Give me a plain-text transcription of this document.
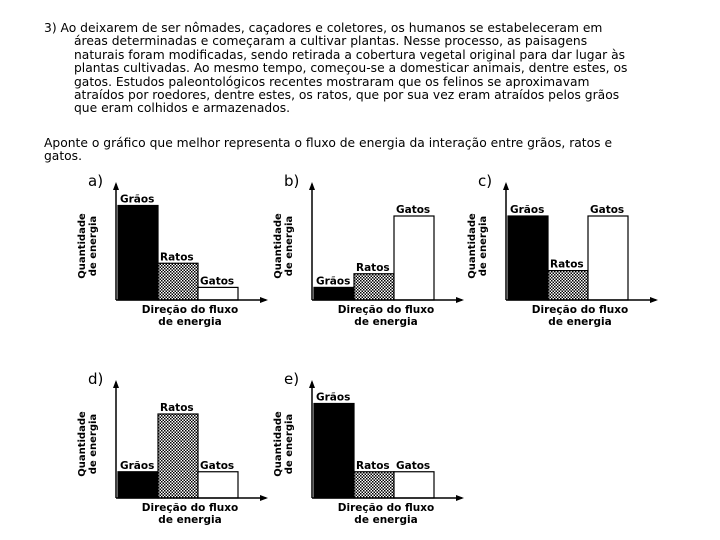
3) Ao deixarem de ser nômades, caçadores e coletores, os humanos se estabeleceram em
áreas determinadas e começaram a cultivar plantas. Nesse processo, as paisagens
naturais foram modificadas, sendo retirada a cobertura vegetal original para dar lugar às
plantas cultivadas. Ao mesmo tempo, começou-se a domesticar animais, dentre estes, os
gatos. Estudos paleontológicos recentes mostraram que os felinos se aproximavam
atraídos por roedores, dentre estes, os ratos, que por sua vez eram atraídos pelos grãos
que eram colhidos e armazenados.

Aponte o gráfico que melhor representa o fluxo de energia da interação entre grãos, ratos e
gatos.
a)
Quantidade de energia
Grãos
Ratos
Gatos
Direção do fluxo
de energia
b)
Quantidade de energia
Grãos
Ratos
Gatos
Direção do fluxo
de energia
c)
Quantidade de energia
Grãos
Ratos
Gatos
Direção do fluxo
de energia
d)
Quantidade de energia Grãos
Ratos
Gatos
Direção do fluxo
de energia
e)
Quantidade de energia
Grãos
Ratos Gatos
Direção do fluxo
de energia
